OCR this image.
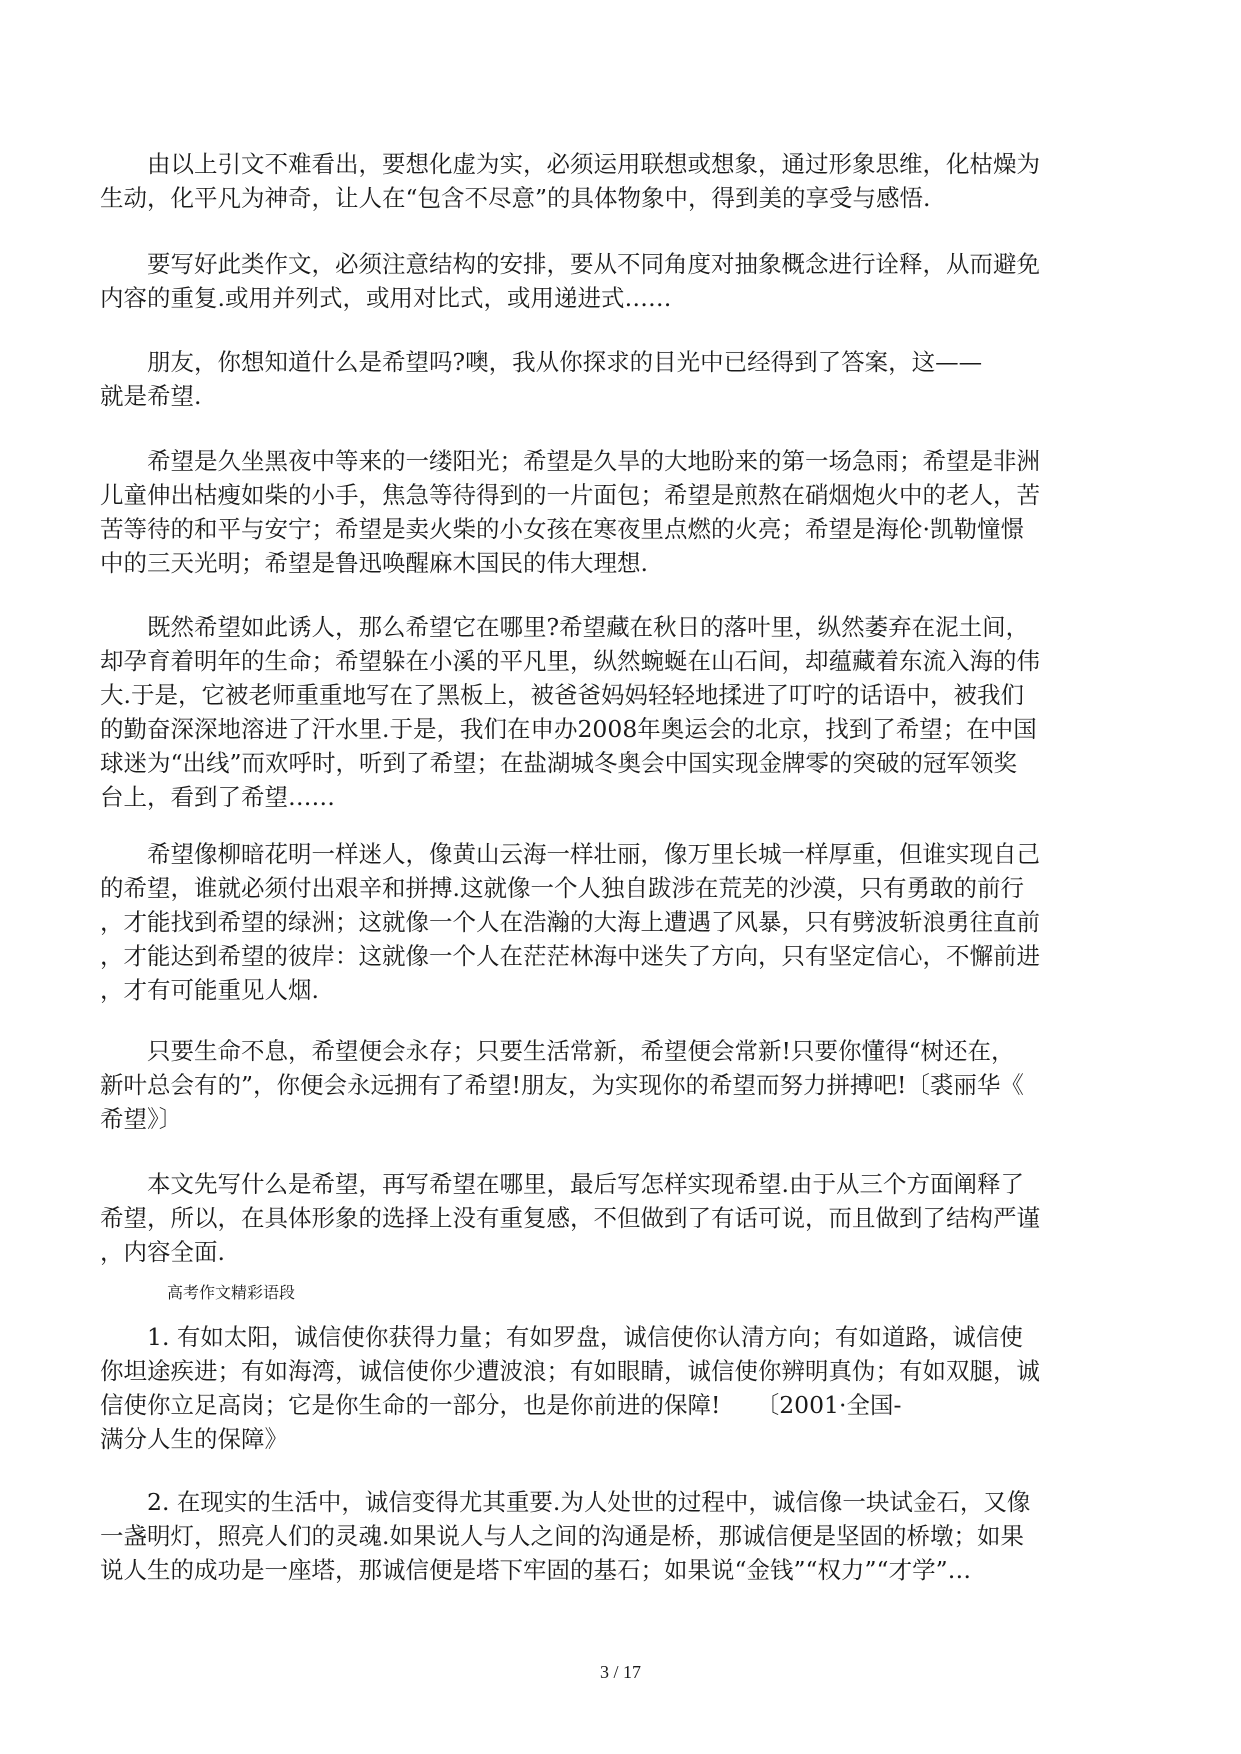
　　由以上引文不难看出，要想化虚为实，必须运用联想或想象，通过形象思维，化枯燥为
生动，化平凡为神奇，让人在“包含不尽意”的具体物象中，得到美的享受与感悟.
　　要写好此类作文，必须注意结构的安排，要从不同角度对抽象概念进行诠释，从而避免
内容的重复.或用并列式，或用对比式，或用递进式……
　　朋友，你想知道什么是希望吗?噢，我从你探求的目光中已经得到了答案，这——
就是希望.
　　希望是久坐黑夜中等来的一缕阳光；希望是久旱的大地盼来的第一场急雨；希望是非洲
儿童伸出枯瘦如柴的小手，焦急等待得到的一片面包；希望是煎熬在硝烟炮火中的老人，苦
苦等待的和平与安宁；希望是卖火柴的小女孩在寒夜里点燃的火亮；希望是海伦·凯勒憧憬
中的三天光明；希望是鲁迅唤醒麻木国民的伟大理想.
　　既然希望如此诱人，那么希望它在哪里?希望藏在秋日的落叶里，纵然萎弃在泥土间，
却孕育着明年的生命；希望躲在小溪的平凡里，纵然蜿蜒在山石间，却蕴藏着东流入海的伟
大.于是，它被老师重重地写在了黑板上，被爸爸妈妈轻轻地揉进了叮咛的话语中，被我们
的勤奋深深地溶进了汗水里.于是，我们在申办2008年奥运会的北京，找到了希望；在中国
球迷为“出线”而欢呼时，听到了希望；在盐湖城冬奥会中国实现金牌零的突破的冠军领奖
台上，看到了希望……
　　希望像柳暗花明一样迷人，像黄山云海一样壮丽，像万里长城一样厚重，但谁实现自己
的希望，谁就必须付出艰辛和拼搏.这就像一个人独自跋涉在荒芜的沙漠，只有勇敢的前行
，才能找到希望的绿洲；这就像一个人在浩瀚的大海上遭遇了风暴，只有劈波斩浪勇往直前
，才能达到希望的彼岸：这就像一个人在茫茫林海中迷失了方向，只有坚定信心，不懈前进
，才有可能重见人烟.
　　只要生命不息，希望便会永存；只要生活常新，希望便会常新!只要你懂得“树还在，
新叶总会有的”，你便会永远拥有了希望!朋友，为实现你的希望而努力拼搏吧!〔裘丽华《
希望》〕
　　本文先写什么是希望，再写希望在哪里，最后写怎样实现希望.由于从三个方面阐释了
希望，所以，在具体形象的选择上没有重复感，不但做到了有话可说，而且做到了结构严谨
，内容全面.
高考作文精彩语段
　　1. 有如太阳，诚信使你获得力量；有如罗盘，诚信使你认清方向；有如道路，诚信使
你坦途疾进；有如海湾，诚信使你少遭波浪；有如眼睛，诚信使你辨明真伪；有如双腿，诚
信使你立足高岗；它是你生命的一部分，也是你前进的保障!　　〔2001·全国-
满分人生的保障》
　　2. 在现实的生活中，诚信变得尤其重要.为人处世的过程中，诚信像一块试金石，又像
一盏明灯，照亮人们的灵魂.如果说人与人之间的沟通是桥，那诚信便是坚固的桥墩；如果
说人生的成功是一座塔，那诚信便是塔下牢固的基石；如果说“金钱”“权力”“才学”…
3 / 17
